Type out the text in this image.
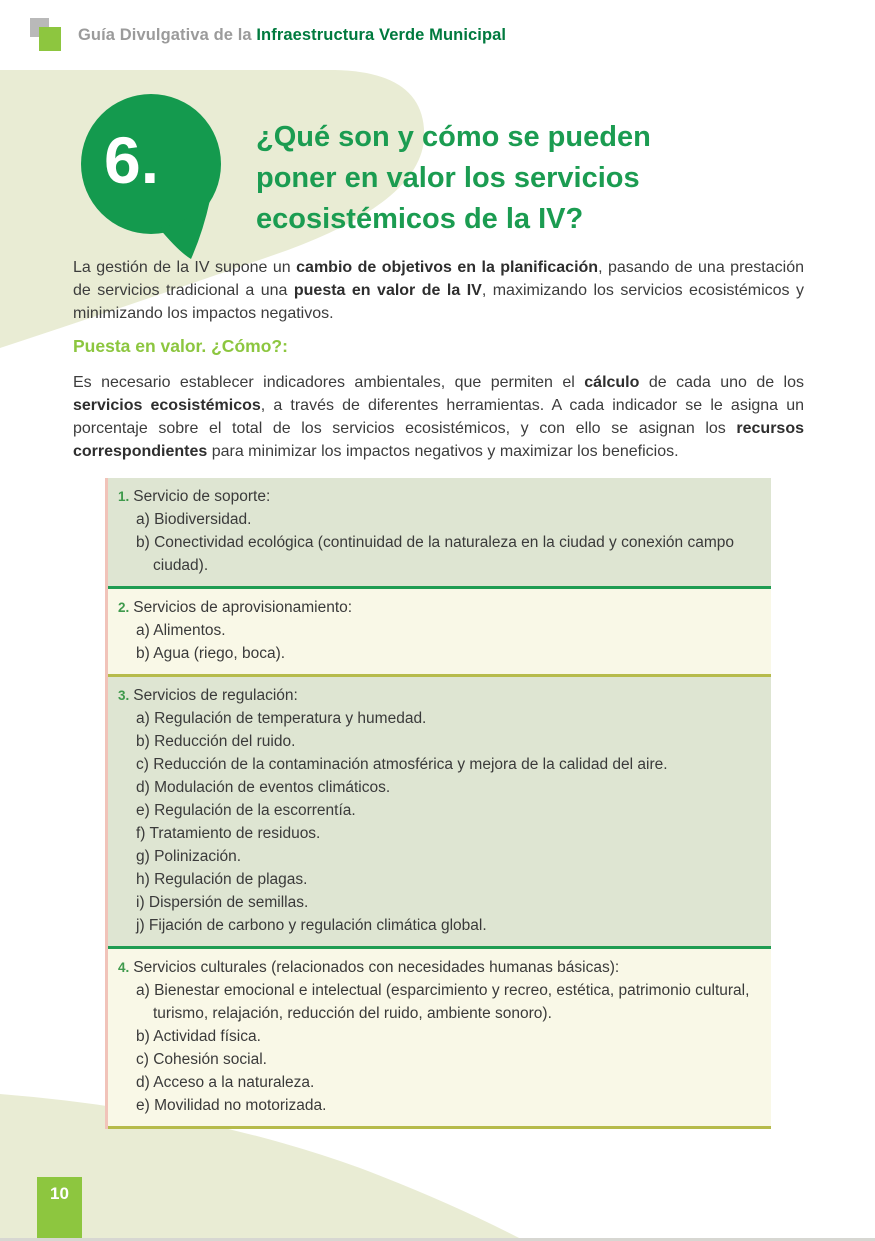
Guía Divulgativa de la Infraestructura Verde Municipal
6.	¿Qué son y cómo se pueden
poner en valor los servicios
ecosistémicos de la IV?

La gestión de la IV supone un cambio de objetivos en la planificación, pasando de una prestación de servicios tradicional a una puesta en valor de la IV, maximizando los servicios ecosistémicos y minimizando los impactos negativos.

Puesta en valor. ¿Cómo?:

Es necesario establecer indicadores ambientales, que permiten el cálculo de cada uno de los servicios ecosistémicos, a través de diferentes herramientas. A cada indicador se le asigna un porcentaje sobre el total de los servicios ecosistémicos, y con ello se asignan los recursos correspondientes para minimizar los impactos negativos y maximizar los beneficios.

1. Servicio de soporte:
a) Biodiversidad.
b) Conectividad ecológica (continuidad de la naturaleza en la ciudad y conexión campo ciudad).
2. Servicios de aprovisionamiento:
a) Alimentos.
b) Agua (riego, boca).
3. Servicios de regulación:
a) Regulación de temperatura y humedad.
b) Reducción del ruido.
c) Reducción de la contaminación atmosférica y mejora de la calidad del aire.
d) Modulación de eventos climáticos.
e) Regulación de la escorrentía.
f) Tratamiento de residuos.
g) Polinización.
h) Regulación de plagas.
i) Dispersión de semillas.
j) Fijación de carbono y regulación climática global.
4. Servicios culturales (relacionados con necesidades humanas básicas):
a) Bienestar emocional e intelectual (esparcimiento y recreo, estética, patrimonio cultural, turismo, relajación, reducción del ruido, ambiente sonoro).
b) Actividad física.
c) Cohesión social.
d) Acceso a la naturaleza.
e) Movilidad no motorizada.
10
